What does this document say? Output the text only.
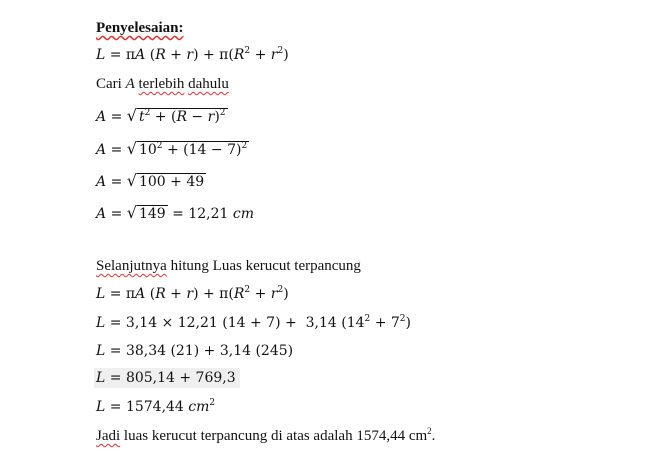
Penyelesaian:
L = πA $(R + r) + \pi(R^2 + r^2)$
Cari A terlebih dahulu
A = √ $t^2 + (R - r)^2$
A = √ $10^2 + (14 - 7)^2$
A = √ 100 + 49
A = √ 149 = 12,21 cm
Selanjutnya hitung Luas kerucut terpancung
L = πA $(R + r) + \pi(R^2 + r^2)$
L = 3,14 × 12,21 (14 + 7) +  3,14 $(14^2 + 7^2)$
L = 38,34 (21) + 3,14 (245)
L = 805,14 + 769,3
L = 1574,44 $cm^2$
Jadi luas kerucut terpancung di atas adalah 1574,44 $cm^2$.
